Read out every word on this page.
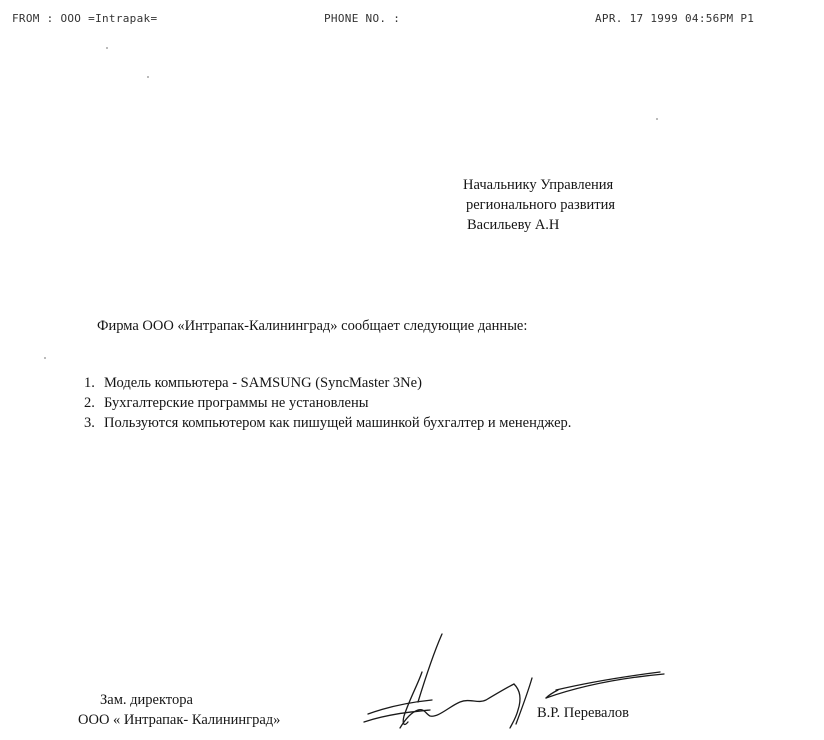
FROM : OOO =Intrapak=	PHONE NO. :	APR. 17 1999 04:56PM P1
Начальнику Управления
регионального развития
Васильеву А.Н
Фирма ООО «Интрапак-Калининград» сообщает следующие данные:
1. Модель компьютера - SAMSUNG (SyncMaster 3Ne)
2. Бухгалтерские программы не установлены
3. Пользуются компьютером как пишущей машинкой бухгалтер и мененджер.
Зам. директора
ООО « Интрапак- Калининград»	В.Р. Перевалов
